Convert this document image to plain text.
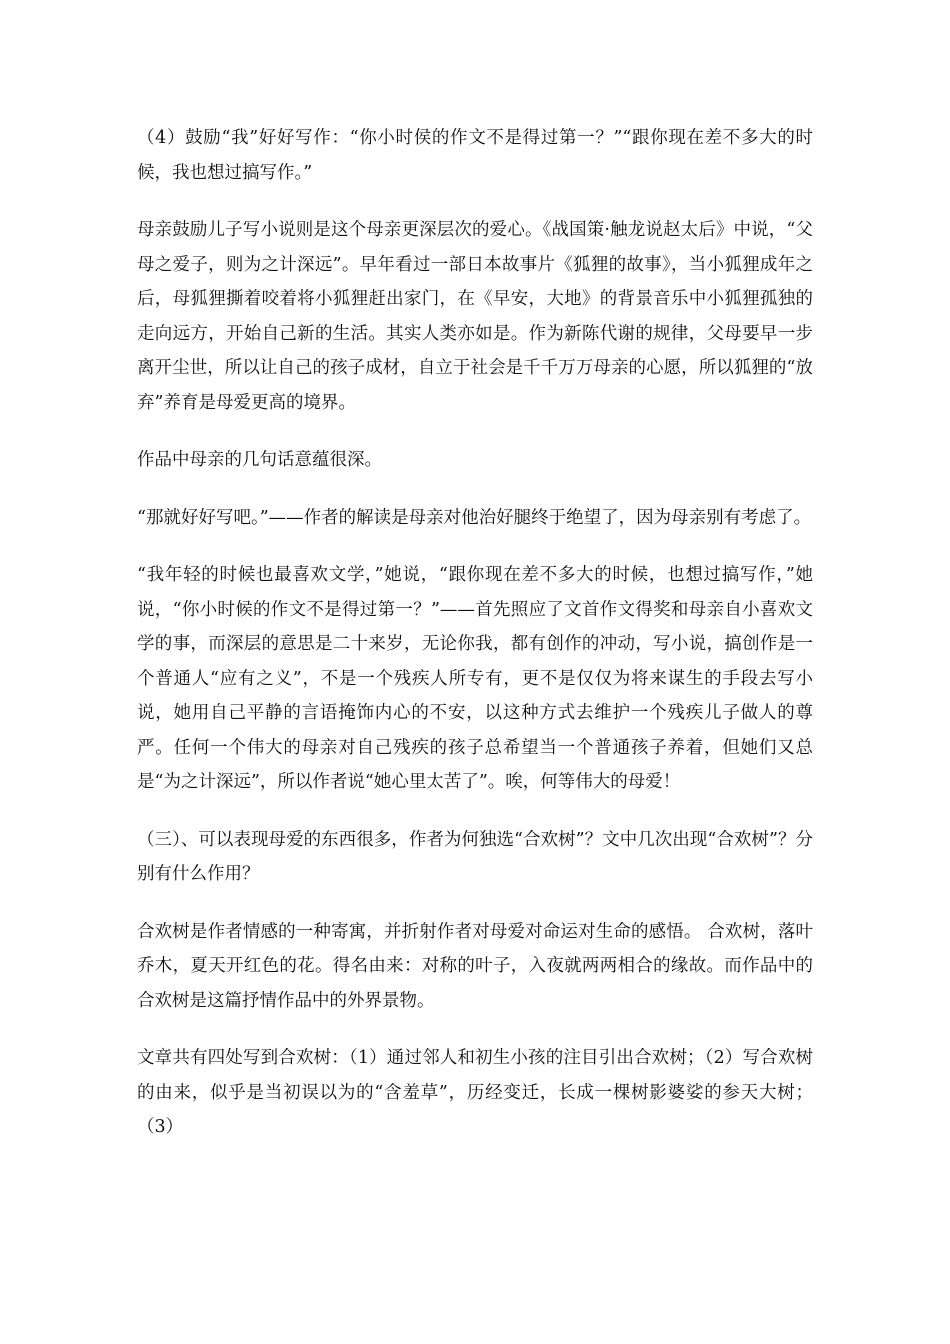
（4）鼓励“我”好好写作：“你小时侯的作文不是得过第一？”“跟你现在差不多大的时候，我也想过搞写作。”

母亲鼓励儿子写小说则是这个母亲更深层次的爱心。《战国策·触龙说赵太后》中说，“父母之爱子，则为之计深远”。早年看过一部日本故事片《狐狸的故事》，当小狐狸成年之后，母狐狸撕着咬着将小狐狸赶出家门，在《早安，大地》的背景音乐中小狐狸孤独的走向远方，开始自己新的生活。其实人类亦如是。作为新陈代谢的规律，父母要早一步离开尘世，所以让自己的孩子成材，自立于社会是千千万万母亲的心愿，所以狐狸的“放弃”养育是母爱更高的境界。

作品中母亲的几句话意蕴很深。

“那就好好写吧。”——作者的解读是母亲对他治好腿终于绝望了，因为母亲别有考虑了。

“我年轻的时候也最喜欢文学，”她说，“跟你现在差不多大的时候，也想过搞写作，”她说，“你小时候的作文不是得过第一？”——首先照应了文首作文得奖和母亲自小喜欢文学的事，而深层的意思是二十来岁，无论你我，都有创作的冲动，写小说，搞创作是一个普通人“应有之义”，不是一个残疾人所专有，更不是仅仅为将来谋生的手段去写小说，她用自己平静的言语掩饰内心的不安，以这种方式去维护一个残疾儿子做人的尊严。任何一个伟大的母亲对自己残疾的孩子总希望当一个普通孩子养着，但她们又总是“为之计深远”，所以作者说“她心里太苦了”。唉，何等伟大的母爱！

（三）、可以表现母爱的东西很多，作者为何独选“合欢树”？文中几次出现“合欢树”？分别有什么作用？

合欢树是作者情感的一种寄寓，并折射作者对母爱对命运对生命的感悟。 合欢树，落叶乔木，夏天开红色的花。得名由来：对称的叶子，入夜就两两相合的缘故。而作品中的合欢树是这篇抒情作品中的外界景物。

文章共有四处写到合欢树：（1）通过邻人和初生小孩的注目引出合欢树；（2）写合欢树的由来，似乎是当初误以为的“含羞草”，历经变迁，长成一棵树影婆娑的参天大树；（3）
